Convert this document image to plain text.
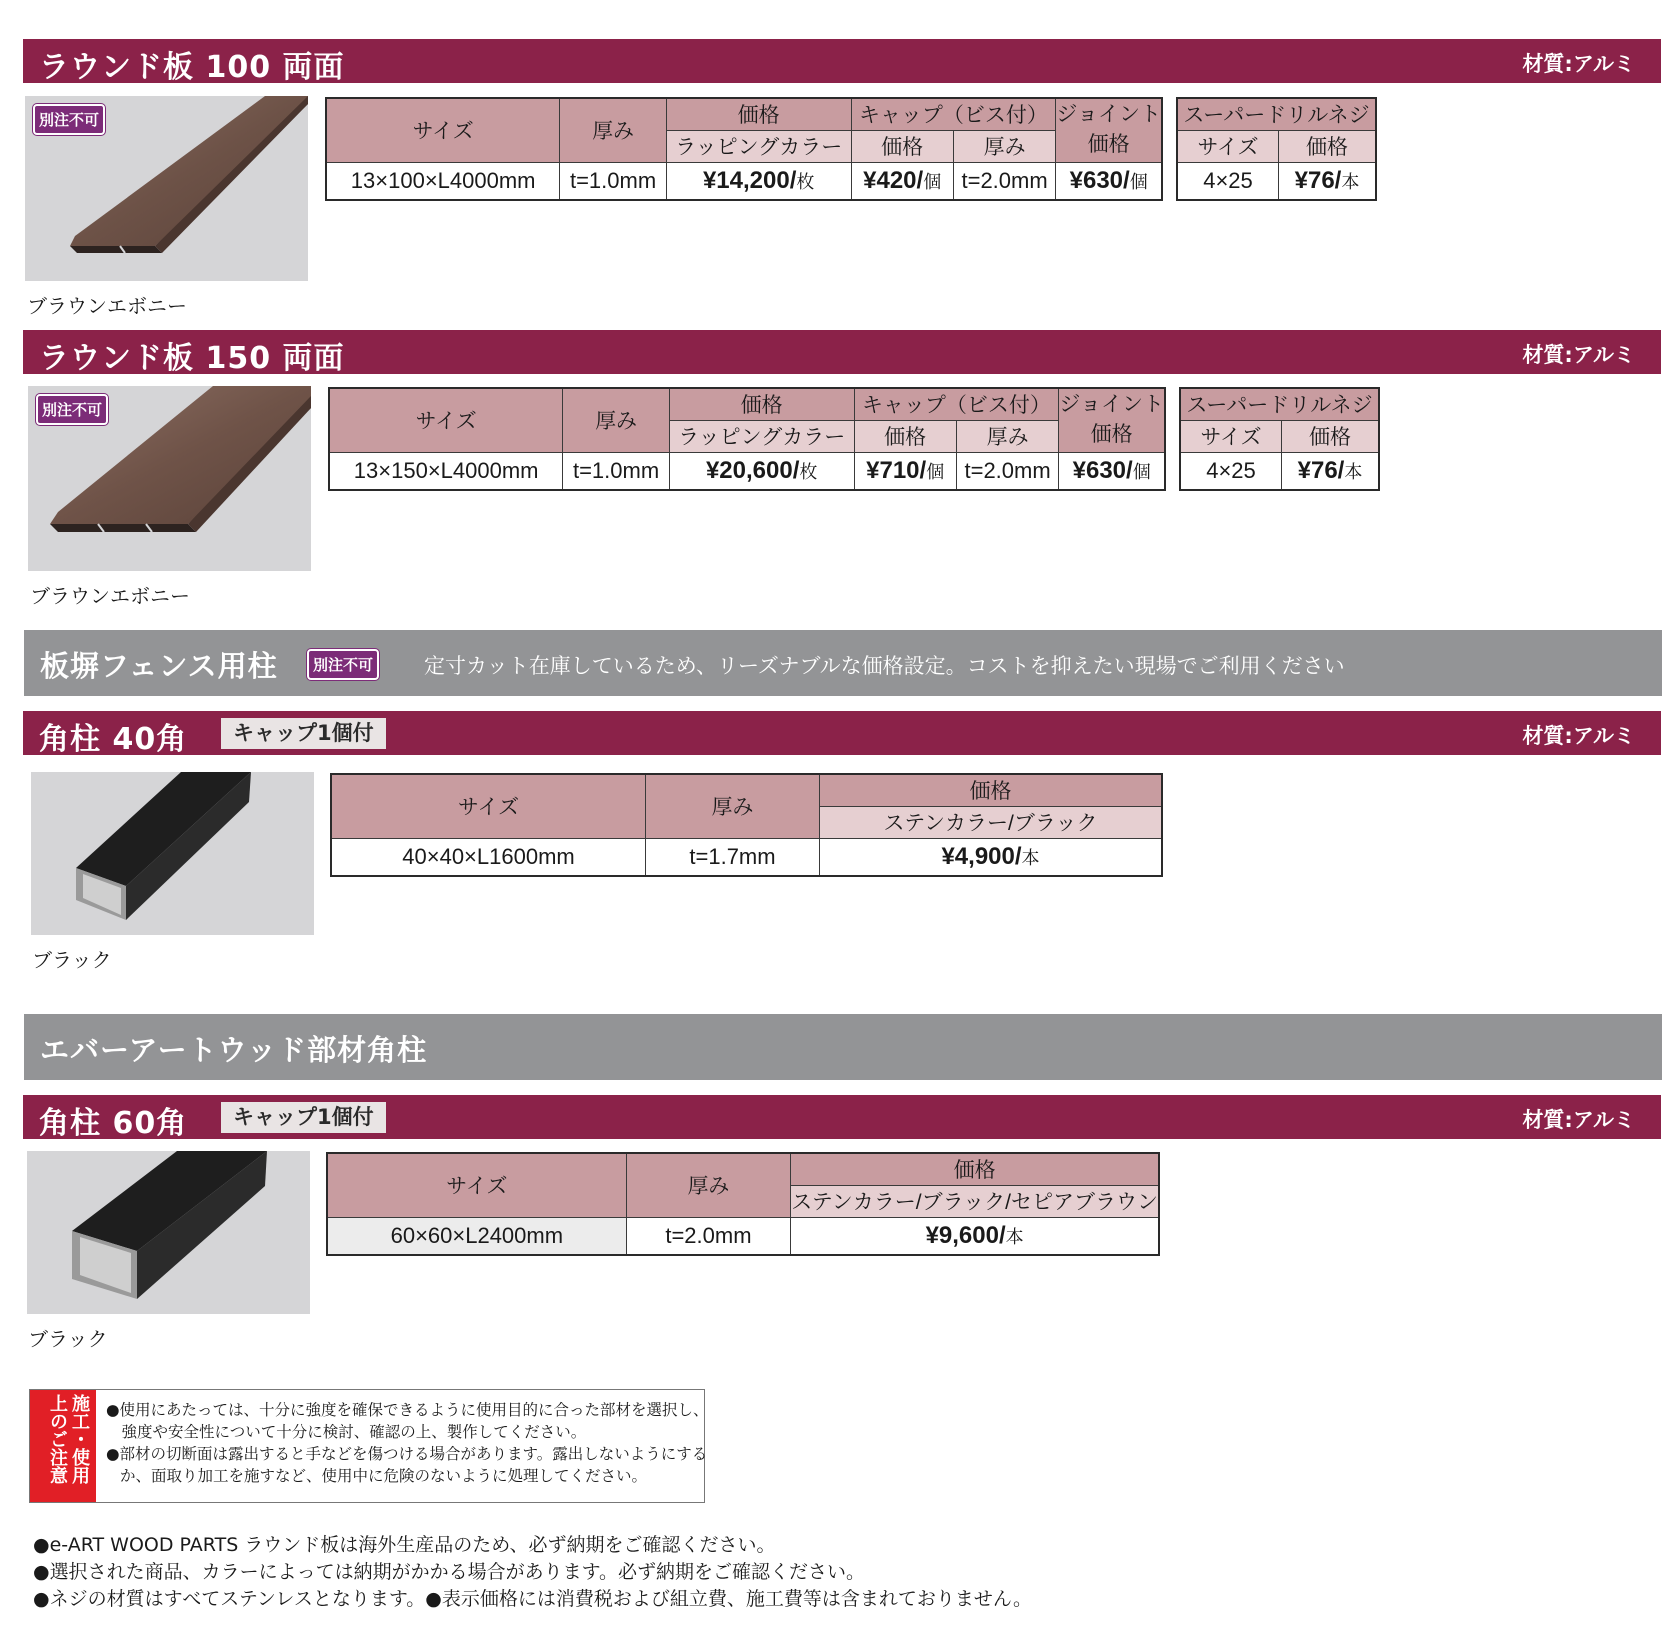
ラウンド板 100 両面	材質:アルミ
別注不可
ブラウンエボニー
サイズ	厚み	価格	キャップ（ビス付）		ジョイント
価格
		ラッピングカラー	価格	厚み	
13×100×L4000mm	t=1.0mm	¥14,200/枚	¥420/個	t=2.0mm	¥630/個
スーパードリルネジ	
サイズ	価格
4×25	¥76/本
ラウンド板 150 両面	材質:アルミ
別注不可
ブラウンエボニー
サイズ	厚み	価格	キャップ（ビス付）		ジョイント
価格
		ラッピングカラー	価格	厚み	
13×150×L4000mm	t=1.0mm	¥20,600/枚	¥710/個	t=2.0mm	¥630/個
スーパードリルネジ	
サイズ	価格
4×25	¥76/本
板塀フェンス用柱	別注不可 定寸カット在庫しているため、リーズナブルな価格設定。コストを抑えたい現場でご利用ください
角柱 40角	キャップ1個付	材質:アルミ
ブラック
サイズ	厚み	価格
		ステンカラー/ブラック
40×40×L1600mm	t=1.7mm	¥4,900/本
エバーアートウッド部材角柱
角柱 60角	キャップ1個付	材質:アルミ
ブラック
サイズ	厚み	価格
		ステンカラー/ブラック/セピアブラウン
60×60×L2400mm	t=2.0mm	¥9,600/本
施工・使用上のご注意	●使用にあたっては、十分に強度を確保できるように使用目的に合った部材を選択し、
　強度や安全性について十分に検討、確認の上、製作してください。
●部材の切断面は露出すると手などを傷つける場合があります。露出しないようにする
か、面取り加工を施すなど、使用中に危険のないように処理してください。
●e-ART WOOD PARTS ラウンド板は海外生産品のため、必ず納期をご確認ください。
●選択された商品、カラーによっては納期がかかる場合があります。必ず納期をご確認ください。
●ネジの材質はすべてステンレスとなります。●表示価格には消費税および組立費、施工費等は含まれておりません。
